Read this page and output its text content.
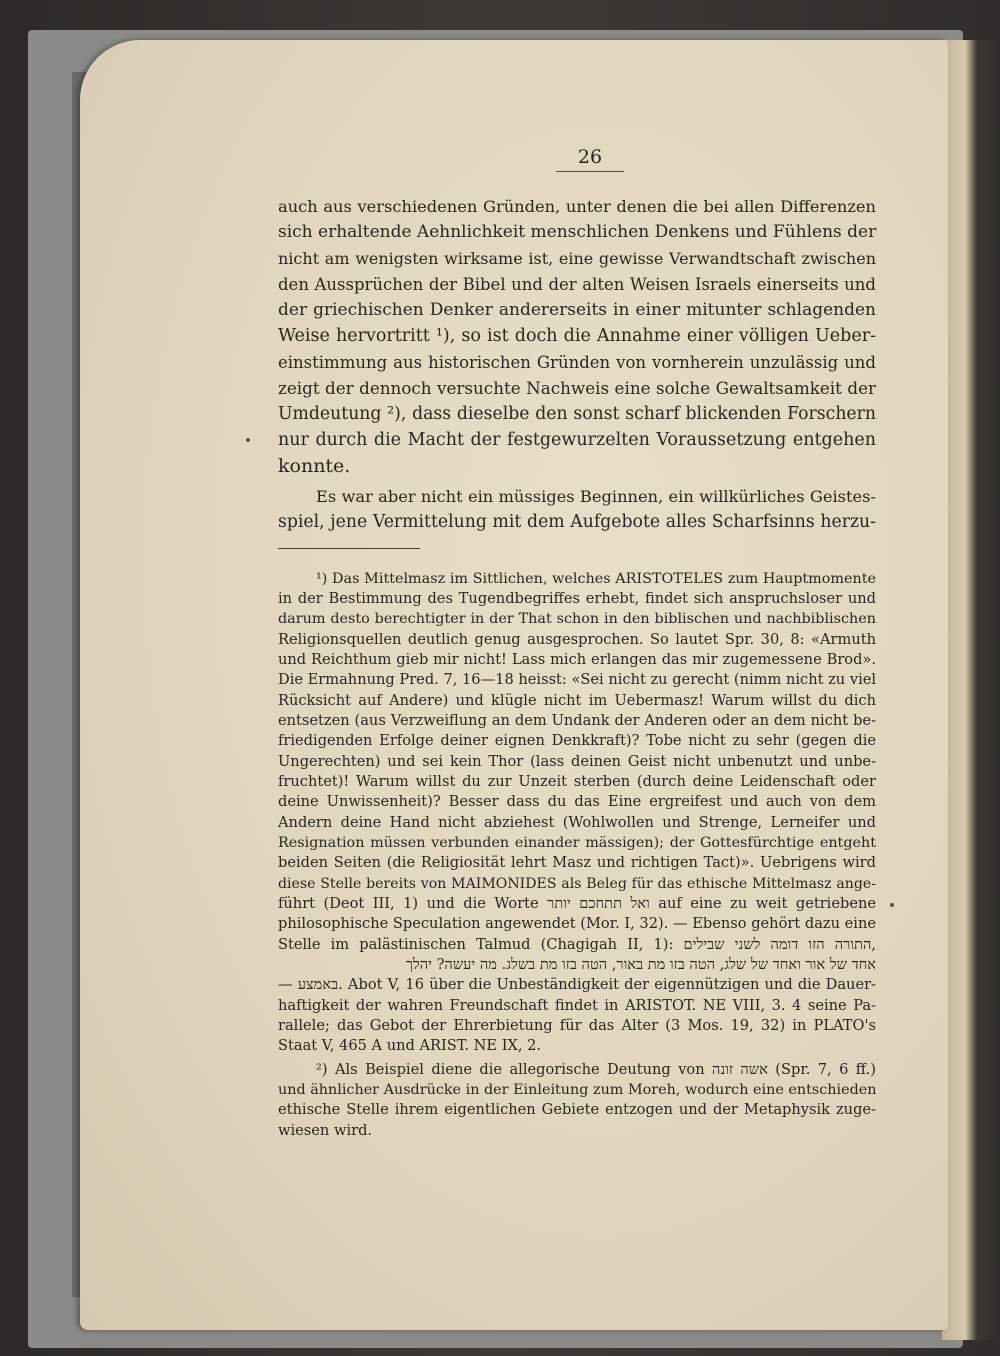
26
auch aus verschiedenen Gründen, unter denen die bei allen Differenzen
sich erhaltende Aehnlichkeit menschlichen Denkens und Fühlens der
nicht am wenigsten wirksame ist, eine gewisse Verwandtschaft zwischen
den Aussprüchen der Bibel und der alten Weisen Israels einerseits und
der griechischen Denker andererseits in einer mitunter schlagenden
Weise hervortritt ¹), so ist doch die Annahme einer völligen Ueber-
einstimmung aus historischen Gründen von vornherein unzulässig und
zeigt der dennoch versuchte Nachweis eine solche Gewaltsamkeit der
Umdeutung ²), dass dieselbe den sonst scharf blickenden Forschern
nur durch die Macht der festgewurzelten Voraussetzung entgehen
konnte.
Es war aber nicht ein müssiges Beginnen, ein willkürliches Geistes-
spiel, jene Vermittelung mit dem Aufgebote alles Scharfsinns herzu-
¹) Das Mittelmasz im Sittlichen, welches ARISTOTELES zum Hauptmomente
in der Bestimmung des Tugendbegriffes erhebt, findet sich anspruchsloser und
darum desto berechtigter in der That schon in den biblischen und nachbiblischen
Religionsquellen deutlich genug ausgesprochen. So lautet Spr. 30, 8: «Armuth
und Reichthum gieb mir nicht! Lass mich erlangen das mir zugemessene Brod».
Die Ermahnung Pred. 7, 16—18 heisst: «Sei nicht zu gerecht (nimm nicht zu viel
Rücksicht auf Andere) und klügle nicht im Uebermasz! Warum willst du dich
entsetzen (aus Verzweiflung an dem Undank der Anderen oder an dem nicht be-
friedigenden Erfolge deiner eignen Denkkraft)? Tobe nicht zu sehr (gegen die
Ungerechten) und sei kein Thor (lass deinen Geist nicht unbenutzt und unbe-
fruchtet)! Warum willst du zur Unzeit sterben (durch deine Leidenschaft oder
deine Unwissenheit)? Besser dass du das Eine ergreifest und auch von dem
Andern deine Hand nicht abziehest (Wohlwollen und Strenge, Lerneifer und
Resignation müssen verbunden einander mässigen); der Gottesfürchtige entgeht
beiden Seiten (die Religiosität lehrt Masz und richtigen Tact)». Uebrigens wird
diese Stelle bereits von MAIMONIDES als Beleg für das ethische Mittelmasz ange-
führt (Deot III, 1) und die Worte ואל תתחכם יותר auf eine zu weit getriebene
philosophische Speculation angewendet (Mor. I, 32). — Ebenso gehört dazu eine
Stelle im palästinischen Talmud (Chagigah II, 1): התורה הזו דומה לשני שבילים,
אחד של אור ואחד של שלג, הטה בזו מת באור, הטה בזו מת בשלג. מה יעשה? יהלך
— באמצע. Abot V, 16 über die Unbeständigkeit der eigennützigen und die Dauer-
haftigkeit der wahren Freundschaft findet in ARISTOT. NE VIII, 3. 4 seine Pa-
rallele; das Gebot der Ehrerbietung für das Alter (3 Mos. 19, 32) in PLATO's
Staat V, 465 A und ARIST. NE IX, 2.
²) Als Beispiel diene die allegorische Deutung von אשה זונה (Spr. 7, 6 ff.)
und ähnlicher Ausdrücke in der Einleitung zum Moreh, wodurch eine entschieden
ethische Stelle ihrem eigentlichen Gebiete entzogen und der Metaphysik zuge-
wiesen wird.
